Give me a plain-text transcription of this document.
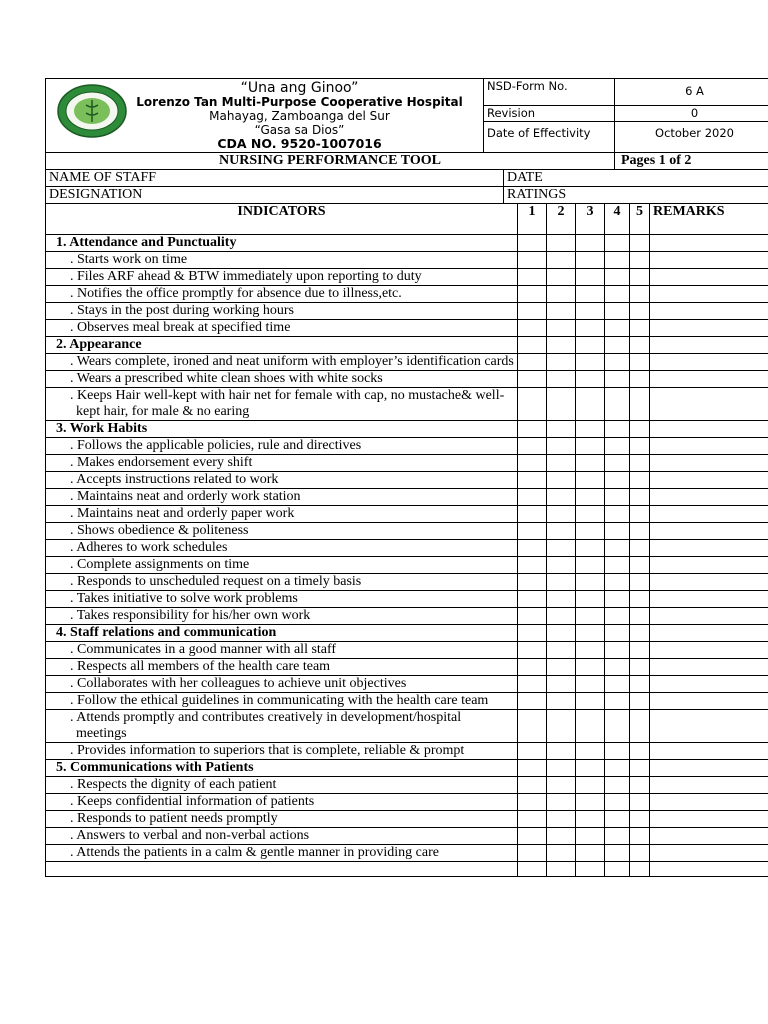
“Una ang Ginoo”
Lorenzo Tan Multi-Purpose Cooperative Hospital
Mahayag, Zamboanga del Sur
“Gasa sa Dios”
CDA NO. 9520-1007016	NSD-Form No.	6 A
	Revision	0
	Date of Effectivity	October 2020
NURSING PERFORMANCE TOOL	Pages 1 of 2
NAME OF STAFF	DATE
DESIGNATION	RATINGS
INDICATORS	1	2	3	4	5	REMARKS
1. Attendance and Punctuality						

. Starts work on time						

. Files ARF ahead & BTW immediately upon reporting to duty						

. Notifies the office promptly for absence due to illness,etc.						

. Stays in the post during working hours						

. Observes meal break at specified time						

2. Appearance						

. Wears complete, ironed and neat uniform with employer’s identification cards						

. Wears a prescribed white clean shoes with white socks						

. Keeps Hair well-kept with hair net for female with cap, no mustache& well-kept hair, for male & no earing						

3. Work Habits						

. Follows the applicable policies, rule and directives						

. Makes endorsement every shift						

. Accepts instructions related to work						

. Maintains neat and orderly work station						

. Maintains neat and orderly paper work						

. Shows obedience & politeness						

. Adheres to work schedules						

. Complete assignments on time						

. Responds to unscheduled request on a timely basis						

. Takes initiative to solve work problems						

. Takes responsibility for his/her own work						

4. Staff relations and communication						

. Communicates in a good manner with all staff						

. Respects all members of the health care team						

. Collaborates with her colleagues to achieve unit objectives						

. Follow the ethical guidelines in communicating with the health care team						

. Attends promptly and contributes creatively in development/hospital meetings						

. Provides information to superiors that is complete, reliable & prompt						

5. Communications with Patients						

. Respects the dignity of each patient						

. Keeps confidential information of patients						

. Responds to patient needs promptly						

. Answers to verbal and non-verbal actions						

. Attends the patients in a calm & gentle manner in providing care						
